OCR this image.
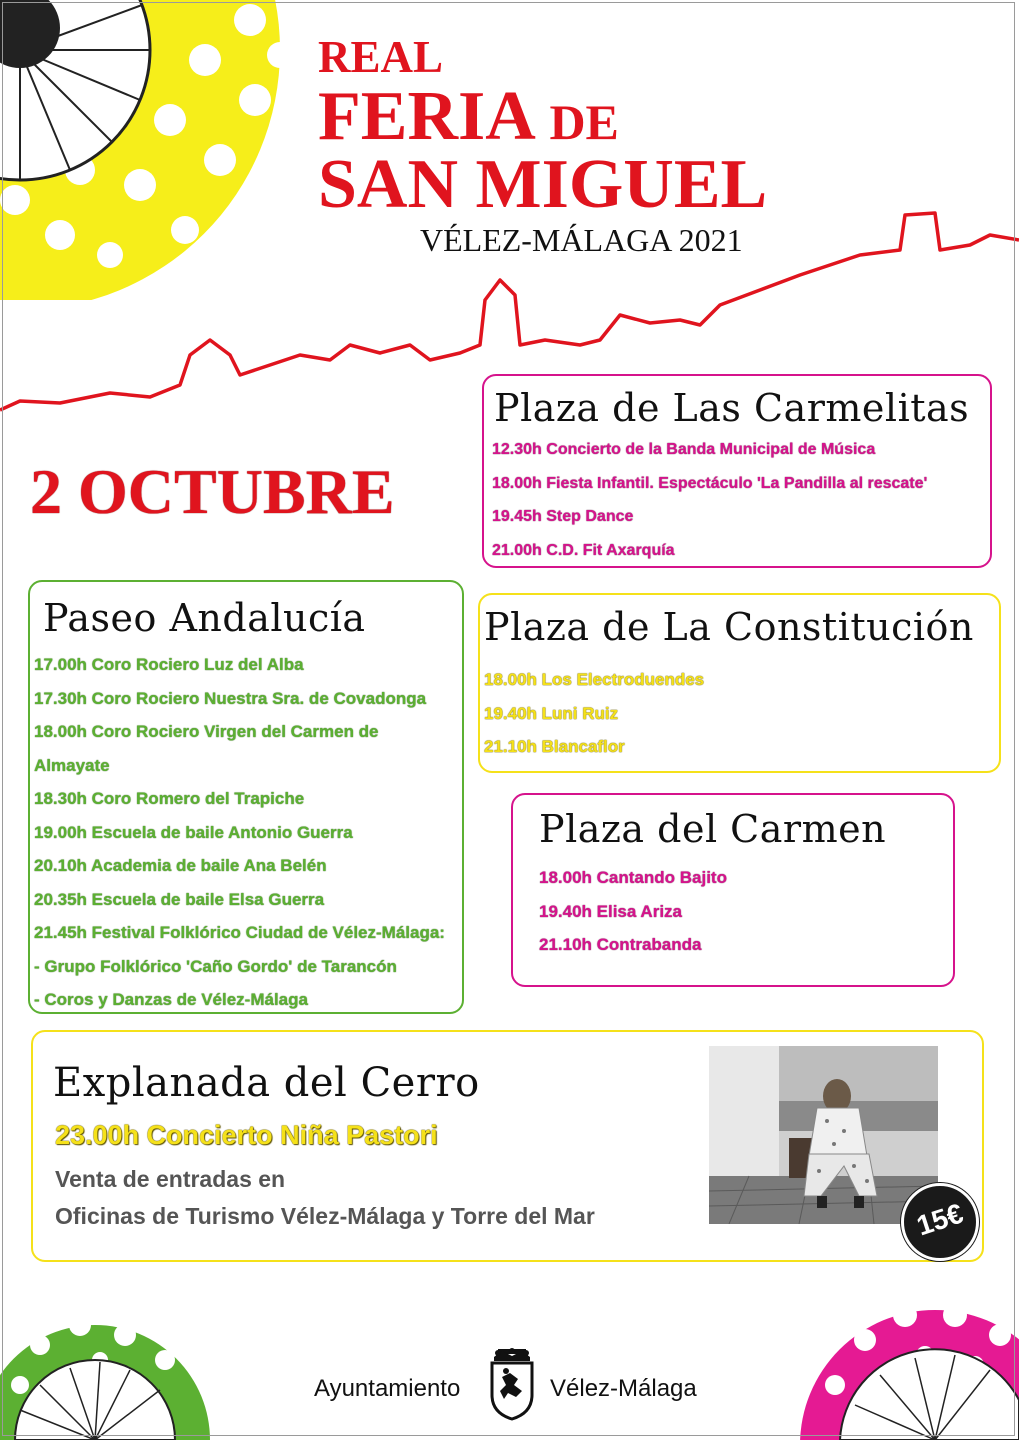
REAL
FERIA DE
SAN MIGUEL
VÉLEZ-MÁLAGA 2021
2 OCTUBRE
Plaza de Las Carmelitas
12.30h Concierto de la Banda Municipal de Música
18.00h Fiesta Infantil. Espectáculo 'La Pandilla al rescate'
19.45h Step Dance
21.00h C.D. Fit Axarquía
Paseo Andalucía
17.00h Coro Rociero Luz del Alba
17.30h Coro Rociero Nuestra Sra. de Covadonga
18.00h Coro Rociero Virgen del Carmen de
Almayate
18.30h Coro Romero del Trapiche
19.00h Escuela de baile Antonio Guerra
20.10h Academia de baile Ana Belén
20.35h Escuela de baile Elsa Guerra
21.45h Festival Folklórico Ciudad de Vélez-Málaga:
- Grupo Folklórico 'Caño Gordo' de Tarancón
- Coros y Danzas de Vélez-Málaga
Plaza de La Constitución
18.00h Los Electroduendes
19.40h Luni Ruiz
21.10h Blancaflor
Plaza del Carmen
18.00h Cantando Bajito
19.40h Elisa Ariza
21.10h Contrabanda
Explanada del Cerro
23.00h Concierto Niña Pastori
Venta de entradas en
Oficinas de Turismo Vélez-Málaga y Torre del Mar	15€
Ayuntamiento	Vélez-Málaga
